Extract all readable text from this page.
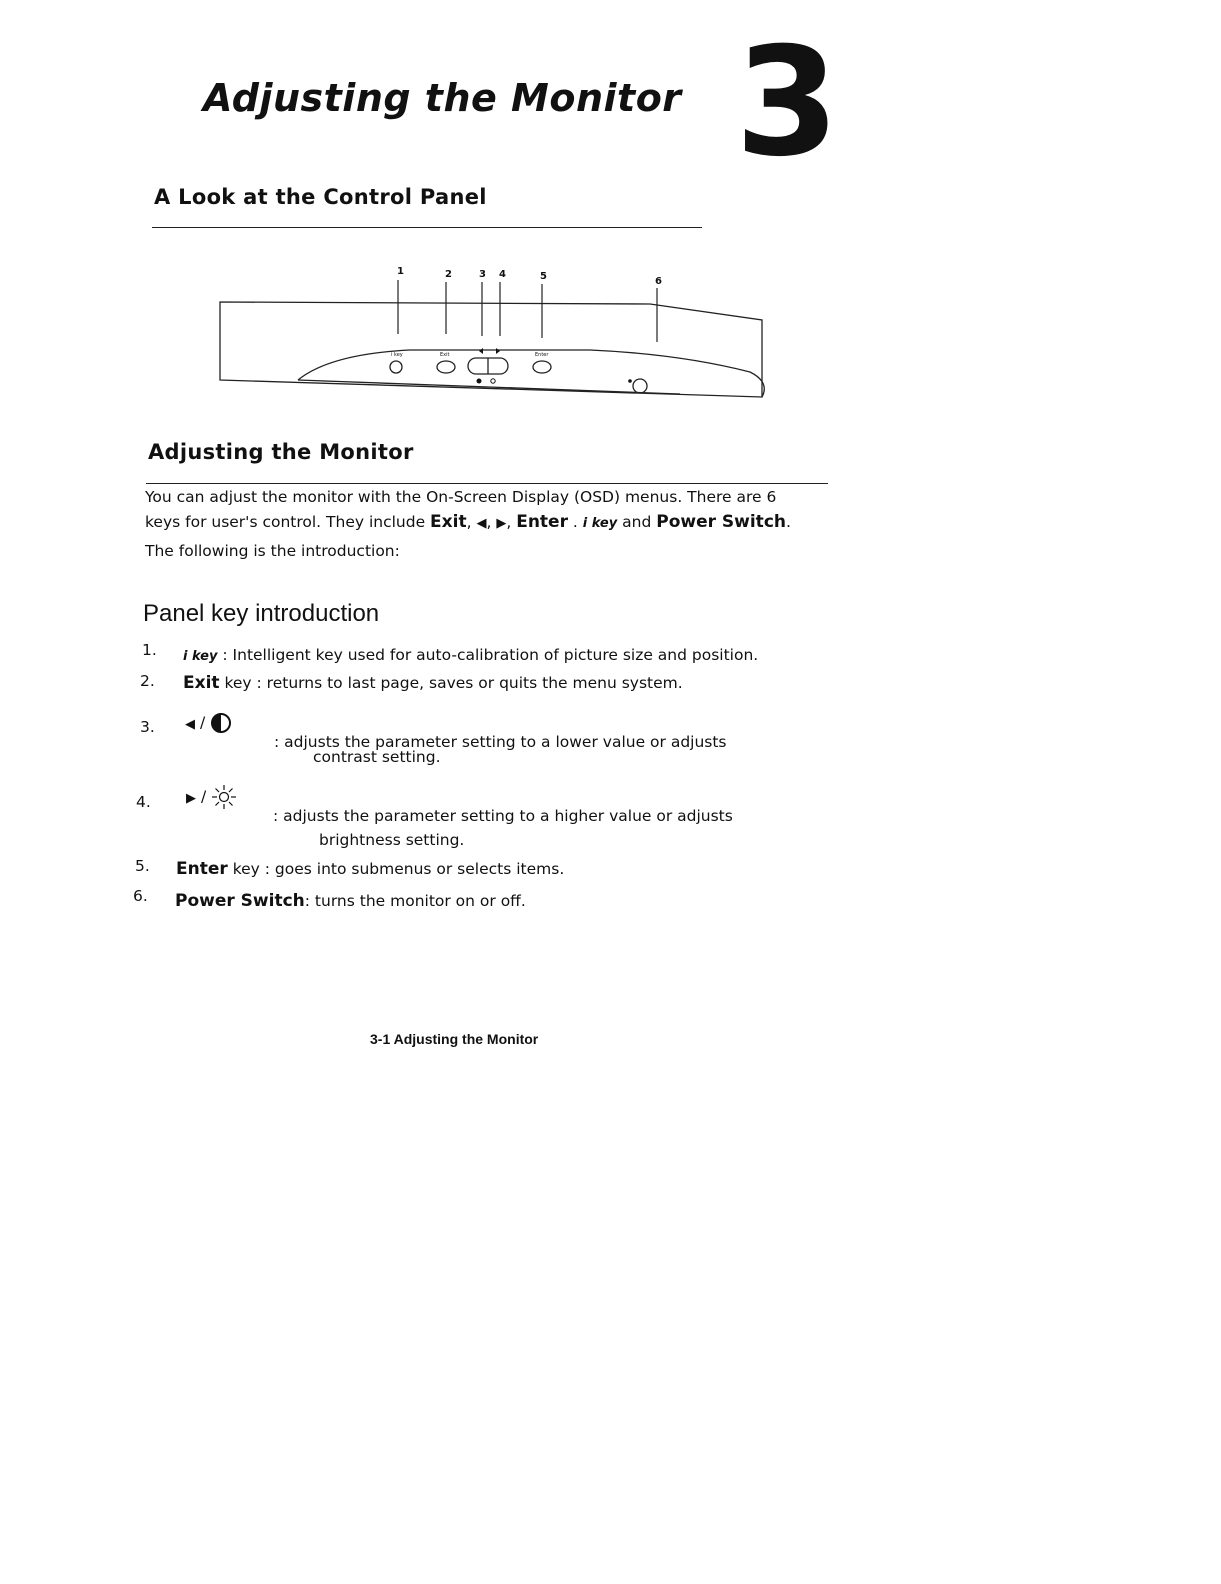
Adjusting the Monitor 3
A Look at the Control Panel
1	2	3 4	5	6
i key	Exit	Enter
Adjusting the Monitor
You can adjust the monitor with the On-Screen Display (OSD) menus. There are 6
keys for user's control. They include Exit, ◀, ▶, Enter . i key and Power Switch.
The following is the introduction:
Panel key introduction
1. i key : Intelligent key used for auto-calibration of picture size and position.
2. Exit key : returns to last page, saves or quits the menu system.
3. ◀ /
: adjusts the parameter setting to a lower value or adjusts
contrast setting.
4.	▶ /
: adjusts the parameter setting to a higher value or adjusts
brightness setting.
5. Enter key : goes into submenus or selects items.
6. Power Switch: turns the monitor on or off.
3-1 Adjusting the Monitor
